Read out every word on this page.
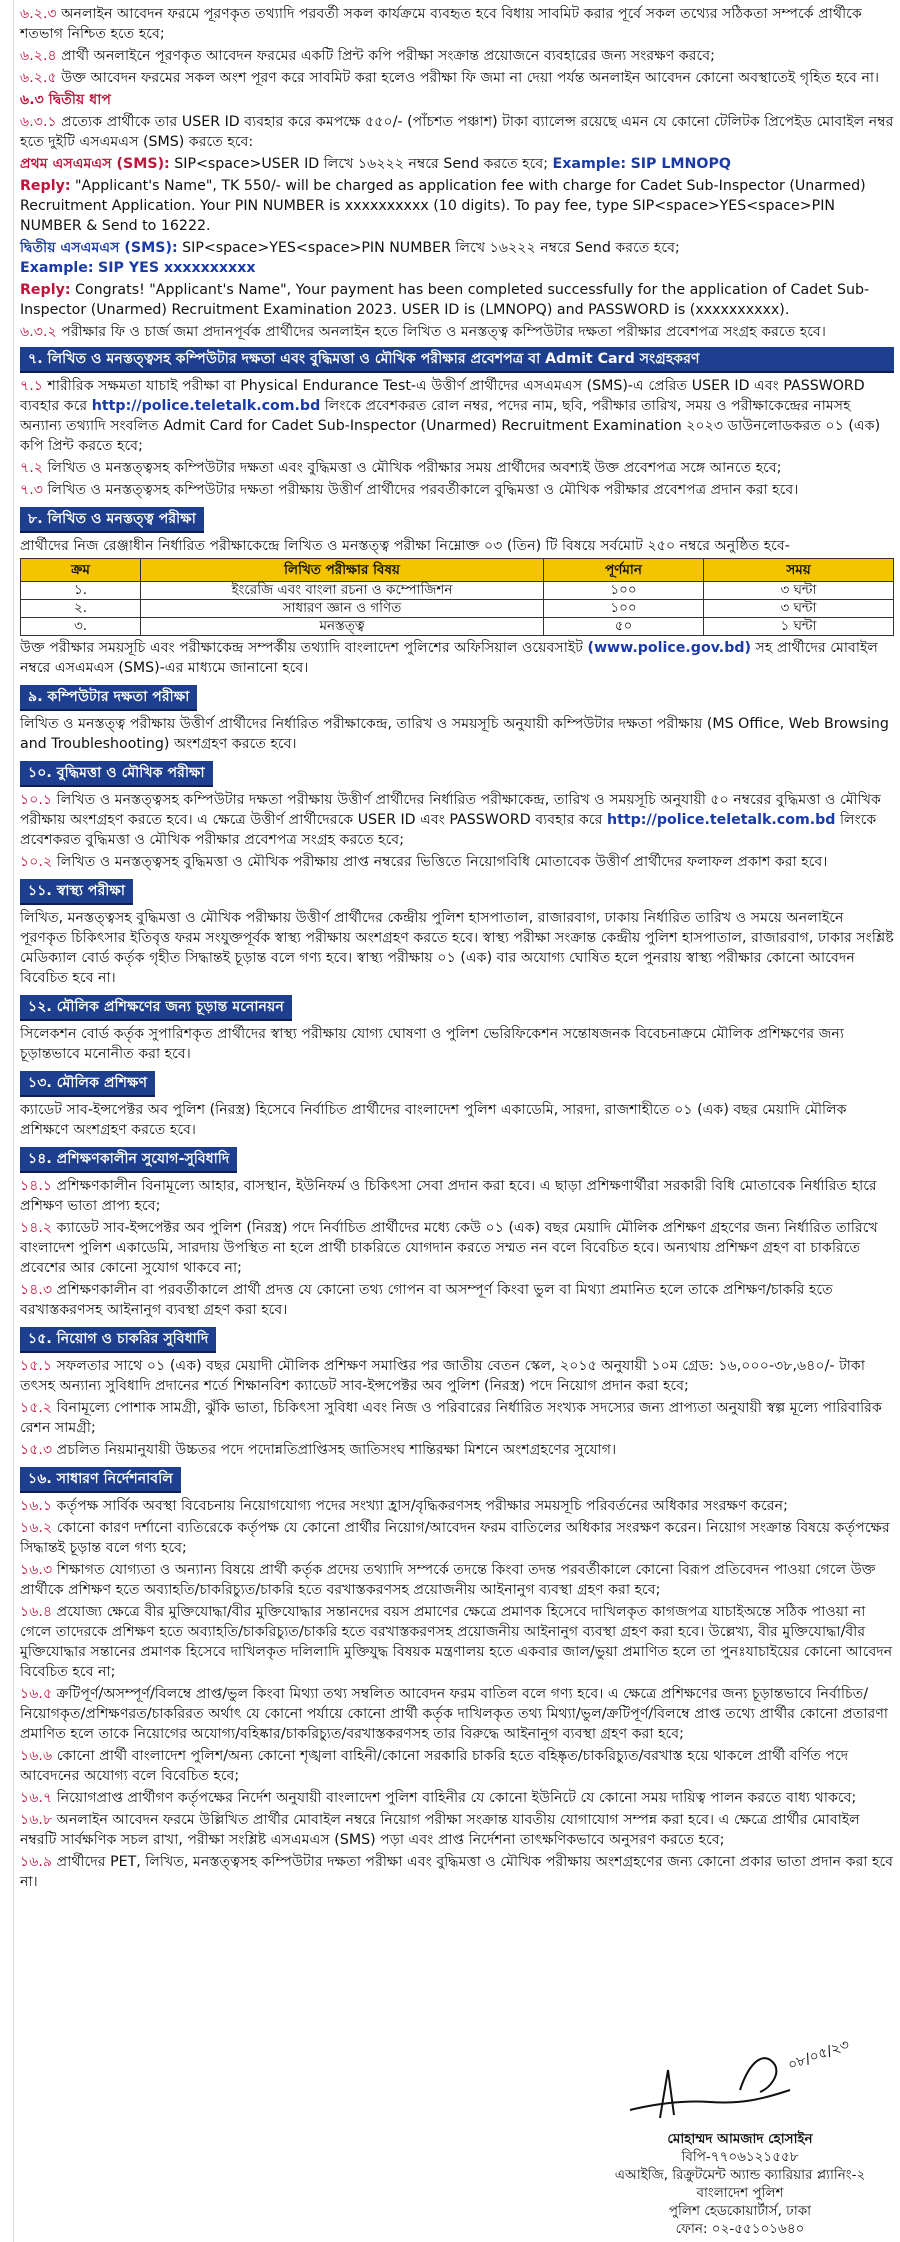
৬.২.৩ অনলাইন আবেদন ফরমে পূরণকৃত তথ্যাদি পরবর্তী সকল কার্যক্রমে ব্যবহৃত হবে বিধায় সাবমিট করার পূর্বে সকল তথ্যের সঠিকতা সম্পর্কে প্রার্থীকে শতভাগ নিশ্চিত হতে হবে;

৬.২.৪ প্রার্থী অনলাইনে পূরণকৃত আবেদন ফরমের একটি প্রিন্ট কপি পরীক্ষা সংক্রান্ত প্রয়োজনে ব্যবহারের জন্য সংরক্ষণ করবে;

৬.২.৫ উক্ত আবেদন ফরমের সকল অংশ পূরণ করে সাবমিট করা হলেও পরীক্ষা ফি জমা না দেয়া পর্যন্ত অনলাইন আবেদন কোনো অবস্থাতেই গৃহিত হবে না।

৬.৩ দ্বিতীয় ধাপ

৬.৩.১ প্রত্যেক প্রার্থীকে তার USER ID ব্যবহার করে কমপক্ষে ৫৫০/- (পাঁচশত পঞ্চাশ) টাকা ব্যালেন্স রয়েছে এমন যে কোনো টেলিটক প্রিপেইড মোবাইল নম্বর হতে দুইটি এসএমএস (SMS) করতে হবে:

প্রথম এসএমএস (SMS): SIP<space>USER ID লিখে ১৬২২২ নম্বরে Send করতে হবে; Example: SIP LMNOPQ

Reply: "Applicant's Name", TK 550/- will be charged as application fee with charge for Cadet Sub-Inspector (Unarmed) Recruitment Application. Your PIN NUMBER is xxxxxxxxxx (10 digits). To pay fee, type SIP<space>YES<space>PIN NUMBER & Send to 16222.

দ্বিতীয় এসএমএস (SMS): SIP<space>YES<space>PIN NUMBER লিখে ১৬২২২ নম্বরে Send করতে হবে;
Example: SIP YES xxxxxxxxxx

Reply: Congrats! "Applicant's Name", Your payment has been completed successfully for the application of Cadet Sub-Inspector (Unarmed) Recruitment Examination 2023. USER ID is (LMNOPQ) and PASSWORD is (xxxxxxxxxx).

৬.৩.২ পরীক্ষার ফি ও চার্জ জমা প্রদানপূর্বক প্রার্থীদের অনলাইন হতে লিখিত ও মনস্তত্ত্ব কম্পিউটার দক্ষতা পরীক্ষার প্রবেশপত্র সংগ্রহ করতে হবে।

৭. লিখিত ও মনস্তত্ত্বসহ কম্পিউটার দক্ষতা এবং বুদ্ধিমত্তা ও মৌখিক পরীক্ষার প্রবেশপত্র বা Admit Card সংগ্রহকরণ

৭.১ শারীরিক সক্ষমতা যাচাই পরীক্ষা বা Physical Endurance Test-এ উত্তীর্ণ প্রার্থীদের এসএমএস (SMS)-এ প্রেরিত USER ID এবং PASSWORD ব্যবহার করে http://police.teletalk.com.bd লিংকে প্রবেশকরত রোল নম্বর, পদের নাম, ছবি, পরীক্ষার তারিখ, সময় ও পরীক্ষাকেন্দ্রের নামসহ অন্যান্য তথ্যাদি সংবলিত Admit Card for Cadet Sub-Inspector (Unarmed) Recruitment Examination ২০২৩ ডাউনলোডকরত ০১ (এক) কপি প্রিন্ট করতে হবে;

৭.২ লিখিত ও মনস্তত্ত্বসহ কম্পিউটার দক্ষতা এবং বুদ্ধিমত্তা ও মৌখিক পরীক্ষার সময় প্রার্থীদের অবশ্যই উক্ত প্রবেশপত্র সঙ্গে আনতে হবে;

৭.৩ লিখিত ও মনস্তত্ত্বসহ কম্পিউটার দক্ষতা পরীক্ষায় উত্তীর্ণ প্রার্থীদের পরবর্তীকালে বুদ্ধিমত্তা ও মৌখিক পরীক্ষার প্রবেশপত্র প্রদান করা হবে।

৮. লিখিত ও মনস্তত্ত্ব পরীক্ষা

প্রার্থীদের নিজ রেঞ্জাধীন নির্ধারিত পরীক্ষাকেন্দ্রে লিখিত ও মনস্তত্ত্ব পরীক্ষা নিম্নোক্ত ০৩ (তিন) টি বিষয়ে সর্বমোট ২৫০ নম্বরে অনুষ্ঠিত হবে-

ক্রম	লিখিত পরীক্ষার বিষয়	পূর্ণমান	সময়
১.	ইংরেজি এবং বাংলা রচনা ও কম্পোজিশন	১০০	৩ ঘন্টা
২.	সাধারণ জ্ঞান ও গণিত	১০০	৩ ঘন্টা
৩.	মনস্তত্ত্ব	৫০	১ ঘন্টা

উক্ত পরীক্ষার সময়সূচি এবং পরীক্ষাকেন্দ্র সম্পর্কীয় তথ্যাদি বাংলাদেশ পুলিশের অফিসিয়াল ওয়েবসাইট (www.police.gov.bd) সহ প্রার্থীদের মোবাইল নম্বরে এসএমএস (SMS)-এর মাধ্যমে জানানো হবে।

৯. কম্পিউটার দক্ষতা পরীক্ষা

লিখিত ও মনস্তত্ত্ব পরীক্ষায় উত্তীর্ণ প্রার্থীদের নির্ধারিত পরীক্ষাকেন্দ্র, তারিখ ও সময়সূচি অনুযায়ী কম্পিউটার দক্ষতা পরীক্ষায় (MS Office, Web Browsing and Troubleshooting) অংশগ্রহণ করতে হবে।

১০. বুদ্ধিমত্তা ও মৌখিক পরীক্ষা

১০.১ লিখিত ও মনস্তত্ত্বসহ কম্পিউটার দক্ষতা পরীক্ষায় উত্তীর্ণ প্রার্থীদের নির্ধারিত পরীক্ষাকেন্দ্র, তারিখ ও সময়সূচি অনুযায়ী ৫০ নম্বরের বুদ্ধিমত্তা ও মৌখিক পরীক্ষায় অংশগ্রহণ করতে হবে। এ ক্ষেত্রে উত্তীর্ণ প্রার্থীদেরকে USER ID এবং PASSWORD ব্যবহার করে http://police.teletalk.com.bd লিংকে প্রবেশকরত বুদ্ধিমত্তা ও মৌখিক পরীক্ষার প্রবেশপত্র সংগ্রহ করতে হবে;

১০.২ লিখিত ও মনস্তত্ত্বসহ বুদ্ধিমত্তা ও মৌখিক পরীক্ষায় প্রাপ্ত নম্বরের ভিত্তিতে নিয়োগবিধি মোতাবেক উত্তীর্ণ প্রার্থীদের ফলাফল প্রকাশ করা হবে।

১১. স্বাস্থ্য পরীক্ষা

লিখিত, মনস্তত্ত্বসহ বুদ্ধিমত্তা ও মৌখিক পরীক্ষায় উত্তীর্ণ প্রার্থীদের কেন্দ্রীয় পুলিশ হাসপাতাল, রাজারবাগ, ঢাকায় নির্ধারিত তারিখ ও সময়ে অনলাইনে পূরণকৃত চিকিৎসার ইতিবৃত্ত ফরম সংযুক্তপূর্বক স্বাস্থ্য পরীক্ষায় অংশগ্রহণ করতে হবে। স্বাস্থ্য পরীক্ষা সংক্রান্ত কেন্দ্রীয় পুলিশ হাসপাতাল, রাজারবাগ, ঢাকার সংশ্লিষ্ট মেডিক্যাল বোর্ড কর্তৃক গৃহীত সিদ্ধান্তই চূড়ান্ত বলে গণ্য হবে। স্বাস্থ্য পরীক্ষায় ০১ (এক) বার অযোগ্য ঘোষিত হলে পুনরায় স্বাস্থ্য পরীক্ষার কোনো আবেদন বিবেচিত হবে না।

১২. মৌলিক প্রশিক্ষণের জন্য চূড়ান্ত মনোনয়ন

সিলেকশন বোর্ড কর্তৃক সুপারিশকৃত প্রার্থীদের স্বাস্থ্য পরীক্ষায় যোগ্য ঘোষণা ও পুলিশ ভেরিফিকেশন সন্তোষজনক বিবেচনাক্রমে মৌলিক প্রশিক্ষণের জন্য চূড়ান্তভাবে মনোনীত করা হবে।

১৩. মৌলিক প্রশিক্ষণ

ক্যাডেট সাব-ইন্সপেক্টর অব পুলিশ (নিরস্ত্র) হিসেবে নির্বাচিত প্রার্থীদের বাংলাদেশ পুলিশ একাডেমি, সারদা, রাজশাহীতে ০১ (এক) বছর মেয়াদি মৌলিক প্রশিক্ষণে অংশগ্রহণ করতে হবে।

১৪. প্রশিক্ষণকালীন সুযোগ-সুবিধাদি

১৪.১ প্রশিক্ষণকালীন বিনামূল্যে আহার, বাসস্থান, ইউনিফর্ম ও চিকিৎসা সেবা প্রদান করা হবে। এ ছাড়া প্রশিক্ষণার্থীরা সরকারী বিধি মোতাবেক নির্ধারিত হারে প্রশিক্ষণ ভাতা প্রাপ্য হবে;

১৪.২ ক্যাডেট সাব-ইন্সপেক্টর অব পুলিশ (নিরস্ত্র) পদে নির্বাচিত প্রার্থীদের মধ্যে কেউ ০১ (এক) বছর মেয়াদি মৌলিক প্রশিক্ষণ গ্রহণের জন্য নির্ধারিত তারিখে বাংলাদেশ পুলিশ একাডেমি, সারদায় উপস্থিত না হলে প্রার্থী চাকরিতে যোগদান করতে সম্মত নন বলে বিবেচিত হবে। অন্যথায় প্রশিক্ষণ গ্রহণ বা চাকরিতে প্রবেশের আর কোনো সুযোগ থাকবে না;

১৪.৩ প্রশিক্ষণকালীন বা পরবর্তীকালে প্রার্থী প্রদত্ত যে কোনো তথ্য গোপন বা অসম্পূর্ণ কিংবা ভুল বা মিথ্যা প্রমানিত হলে তাকে প্রশিক্ষণ/চাকরি হতে বরখাস্তকরণসহ আইনানুগ ব্যবস্থা গ্রহণ করা হবে।

১৫. নিয়োগ ও চাকরির সুবিধাদি

১৫.১ সফলতার সাথে ০১ (এক) বছর মেয়াদী মৌলিক প্রশিক্ষণ সমাপ্তির পর জাতীয় বেতন স্কেল, ২০১৫ অনুযায়ী ১০ম গ্রেড: ১৬,০০০-৩৮,৬৪০/- টাকা তৎসহ অন্যান্য সুবিধাদি প্রদানের শর্তে শিক্ষানবিশ ক্যাডেট সাব-ইন্সপেক্টর অব পুলিশ (নিরস্ত্র) পদে নিয়োগ প্রদান করা হবে;

১৫.২ বিনামূল্যে পোশাক সামগ্রী, ঝুঁকি ভাতা, চিকিৎসা সুবিধা এবং নিজ ও পরিবারের নির্ধারিত সংখ্যক সদস্যের জন্য প্রাপ্যতা অনুযায়ী স্বল্প মূল্যে পারিবারিক রেশন সামগ্রী;

১৫.৩ প্রচলিত নিয়মানুযায়ী উচ্চতর পদে পদোন্নতিপ্রাপ্তিসহ জাতিসংঘ শান্তিরক্ষা মিশনে অংশগ্রহণের সুযোগ।

১৬. সাধারণ নির্দেশনাবলি

১৬.১ কর্তৃপক্ষ সার্বিক অবস্থা বিবেচনায় নিয়োগযোগ্য পদের সংখ্যা হ্রাস/বৃদ্ধিকরণসহ পরীক্ষার সময়সূচি পরিবর্তনের অধিকার সংরক্ষণ করেন;

১৬.২ কোনো কারণ দর্শানো ব্যতিরেকে কর্তৃপক্ষ যে কোনো প্রার্থীর নিয়োগ/আবেদন ফরম বাতিলের অধিকার সংরক্ষণ করেন। নিয়োগ সংক্রান্ত বিষয়ে কর্তৃপক্ষের সিদ্ধান্তই চূড়ান্ত বলে গণ্য হবে;

১৬.৩ শিক্ষাগত যোগ্যতা ও অন্যান্য বিষয়ে প্রার্থী কর্তৃক প্রদেয় তথ্যাদি সম্পর্কে তদন্তে কিংবা তদন্ত পরবর্তীকালে কোনো বিরূপ প্রতিবেদন পাওয়া গেলে উক্ত প্রার্থীকে প্রশিক্ষণ হতে অব্যাহতি/চাকরিচ্যুত/চাকরি হতে বরখাস্তকরণসহ প্রয়োজনীয় আইনানুগ ব্যবস্থা গ্রহণ করা হবে;

১৬.৪ প্রযোজ্য ক্ষেত্রে বীর মুক্তিযোদ্ধা/বীর মুক্তিযোদ্ধার সন্তানদের বয়স প্রমাণের ক্ষেত্রে প্রমাণক হিসেবে দাখিলকৃত কাগজপত্র যাচাইঅন্তে সঠিক পাওয়া না গেলে তাদেরকে প্রশিক্ষণ হতে অব্যাহতি/চাকরিচ্যুত/চাকরি হতে বরখাস্তকরণসহ প্রয়োজনীয় আইনানুগ ব্যবস্থা গ্রহণ করা হবে। উল্লেখ্য, বীর মুক্তিযোদ্ধা/বীর মুক্তিযোদ্ধার সন্তানের প্রমাণক হিসেবে দাখিলকৃত দলিলাদি মুক্তিযুদ্ধ বিষয়ক মন্ত্রণালয় হতে একবার জাল/ভুয়া প্রমাণিত হলে তা পুনঃযাচাইয়ের কোনো আবেদন বিবেচিত হবে না;

১৬.৫ ক্রটিপূর্ণ/অসম্পূর্ণ/বিলম্বে প্রাপ্ত/ভুল কিংবা মিথ্যা তথ্য সম্বলিত আবেদন ফরম বাতিল বলে গণ্য হবে। এ ক্ষেত্রে প্রশিক্ষণের জন্য চূড়ান্তভাবে নির্বাচিত/নিয়োগকৃত/প্রশিক্ষণরত/চাকরিরত অর্থাৎ যে কোনো পর্যায়ে কোনো প্রার্থী কর্তৃক দাখিলকৃত তথ্য মিথ্যা/ভুল/ক্রটিপূর্ণ/বিলম্বে প্রাপ্ত তথ্যে প্রার্থীর কোনো প্রতারণা প্রমাণিত হলে তাকে নিয়োগের অযোগ্য/বহিষ্কার/চাকরিচ্যুত/বরখাস্তকরণসহ তার বিরুদ্ধে আইনানুগ ব্যবস্থা গ্রহণ করা হবে;

১৬.৬ কোনো প্রার্থী বাংলাদেশ পুলিশ/অন্য কোনো শৃঙ্খলা বাহিনী/কোনো সরকারি চাকরি হতে বহিষ্কৃত/চাকরিচ্যুত/বরখাস্ত হয়ে থাকলে প্রার্থী বর্ণিত পদে আবেদনের অযোগ্য বলে বিবেচিত হবে;

১৬.৭ নিয়োগপ্রাপ্ত প্রার্থীগণ কর্তৃপক্ষের নির্দেশ অনুযায়ী বাংলাদেশ পুলিশ বাহিনীর যে কোনো ইউনিটে যে কোনো সময় দায়িত্ব পালন করতে বাধ্য থাকবে;

১৬.৮ অনলাইন আবেদন ফরমে উল্লিখিত প্রার্থীর মোবাইল নম্বরে নিয়োগ পরীক্ষা সংক্রান্ত যাবতীয় যোগাযোগ সম্পন্ন করা হবে। এ ক্ষেত্রে প্রার্থীর মোবাইল নম্বরটি সার্বক্ষণিক সচল রাখা, পরীক্ষা সংশ্লিষ্ট এসএমএস (SMS) পড়া এবং প্রাপ্ত নির্দেশনা তাৎক্ষণিকভাবে অনুসরণ করতে হবে;

১৬.৯ প্রার্থীদের PET, লিখিত, মনস্তত্ত্বসহ কম্পিউটার দক্ষতা পরীক্ষা এবং বুদ্ধিমত্তা ও মৌখিক পরীক্ষায় অংশগ্রহণের জন্য কোনো প্রকার ভাতা প্রদান করা হবে না।

০৮/০৫/২৩
মোহাম্মদ আমজাদ হোসাইন
বিপি-৭৭০৬১২১৫৫৮
এআইজি, রিক্রুটমেন্ট অ্যান্ড ক্যারিয়ার প্ল্যানিং-২
বাংলাদেশ পুলিশ
পুলিশ হেডকোয়ার্টার্স, ঢাকা
ফোন: ০২-৫৫১০১৬৪০
